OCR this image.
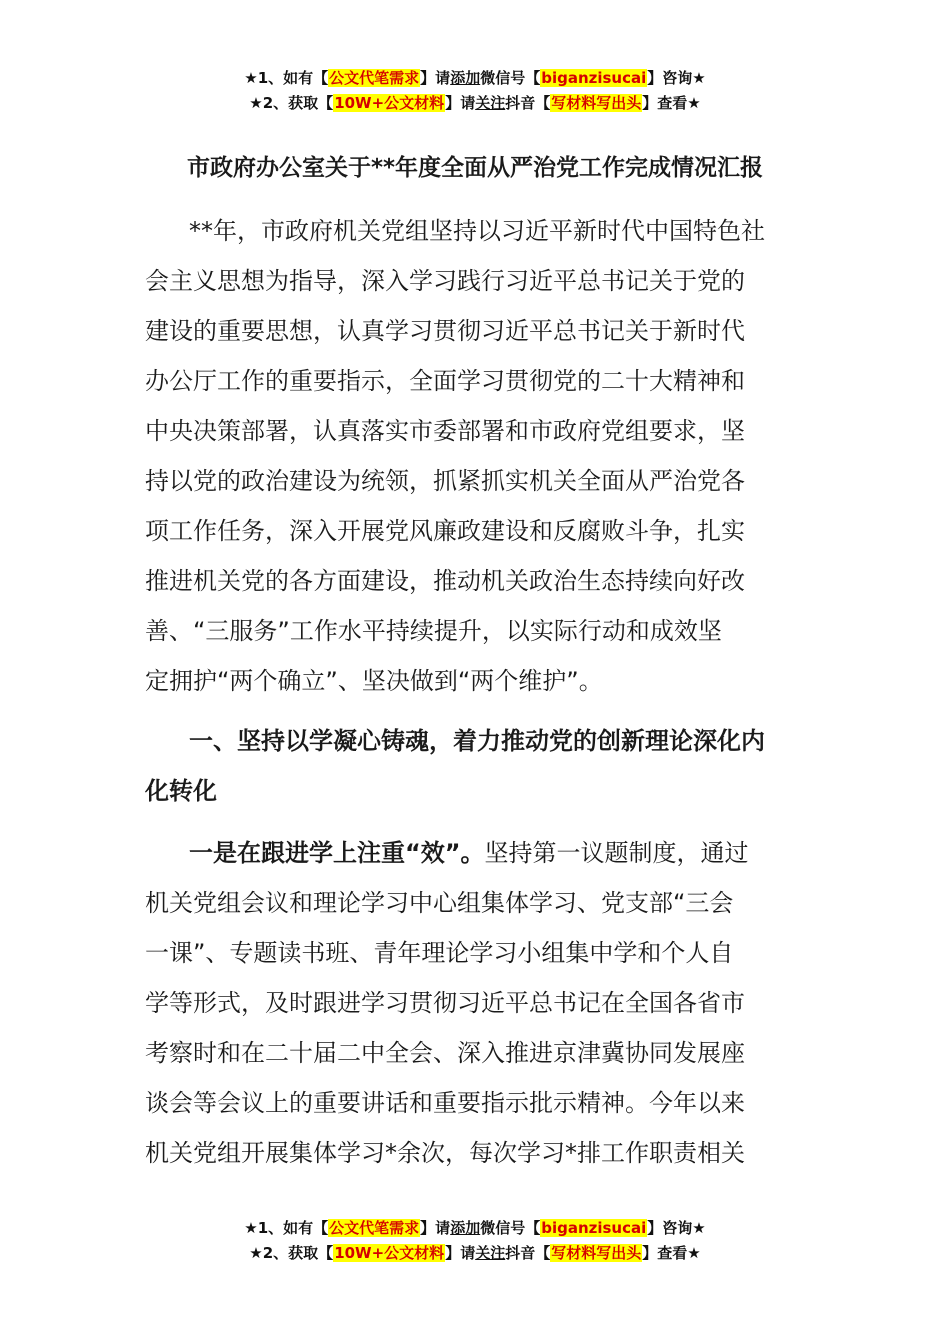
★1、如有【公文代笔需求】请添加微信号【biganzisucai】咨询★
★2、获取【10W+公文材料】请关注抖音【写材料写出头】查看★
市政府办公室关于**年度全面从严治党工作完成情况汇报
**年，市政府机关党组坚持以习近平新时代中国特色社
会主义思想为指导，深入学习践行习近平总书记关于党的
建设的重要思想，认真学习贯彻习近平总书记关于新时代
办公厅工作的重要指示，全面学习贯彻党的二十大精神和
中央决策部署，认真落实市委部署和市政府党组要求，坚
持以党的政治建设为统领，抓紧抓实机关全面从严治党各
项工作任务，深入开展党风廉政建设和反腐败斗争，扎实
推进机关党的各方面建设，推动机关政治生态持续向好改
善、“三服务”工作水平持续提升，以实际行动和成效坚
定拥护“两个确立”、坚决做到“两个维护”。
一、坚持以学凝心铸魂，着力推动党的创新理论深化内
化转化
一是在跟进学上注重“效”。坚持第一议题制度，通过
机关党组会议和理论学习中心组集体学习、党支部“三会
一课”、专题读书班、青年理论学习小组集中学和个人自
学等形式，及时跟进学习贯彻习近平总书记在全国各省市
考察时和在二十届二中全会、深入推进京津冀协同发展座
谈会等会议上的重要讲话和重要指示批示精神。今年以来
机关党组开展集体学习*余次，每次学习*排工作职责相关
★1、如有【公文代笔需求】请添加微信号【biganzisucai】咨询★
★2、获取【10W+公文材料】请关注抖音【写材料写出头】查看★
